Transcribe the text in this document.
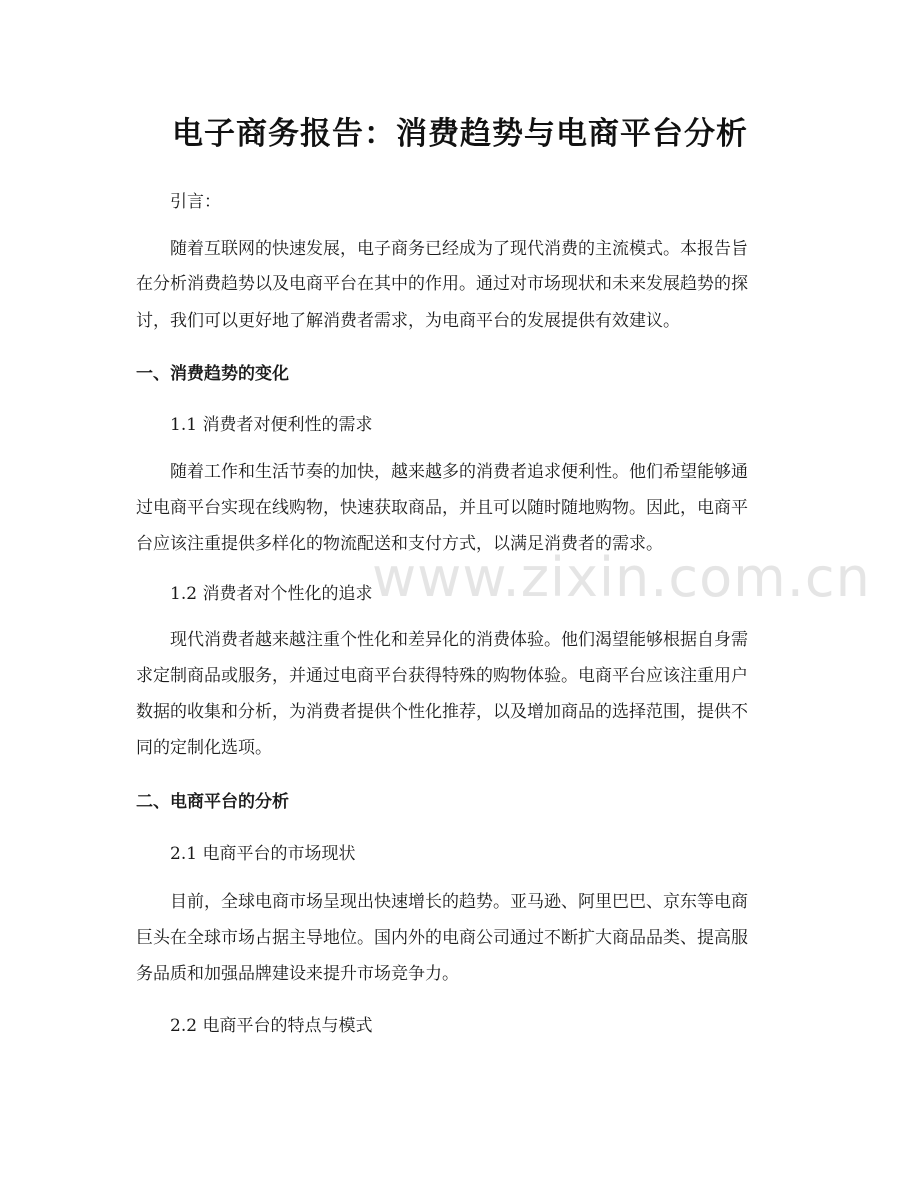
电子商务报告：消费趋势与电商平台分析
引言：
随着互联网的快速发展，电子商务已经成为了现代消费的主流模式。本报告旨
在分析消费趋势以及电商平台在其中的作用。通过对市场现状和未来发展趋势的探
讨，我们可以更好地了解消费者需求，为电商平台的发展提供有效建议。
一、消费趋势的变化
1.1 消费者对便利性的需求
随着工作和生活节奏的加快，越来越多的消费者追求便利性。他们希望能够通
过电商平台实现在线购物，快速获取商品，并且可以随时随地购物。因此，电商平
台应该注重提供多样化的物流配送和支付方式，以满足消费者的需求。
1.2 消费者对个性化的追求
现代消费者越来越注重个性化和差异化的消费体验。他们渴望能够根据自身需
求定制商品或服务，并通过电商平台获得特殊的购物体验。电商平台应该注重用户
数据的收集和分析，为消费者提供个性化推荐，以及增加商品的选择范围，提供不
同的定制化选项。
二、电商平台的分析
2.1 电商平台的市场现状
目前，全球电商市场呈现出快速增长的趋势。亚马逊、阿里巴巴、京东等电商
巨头在全球市场占据主导地位。国内外的电商公司通过不断扩大商品品类、提高服
务品质和加强品牌建设来提升市场竞争力。
2.2 电商平台的特点与模式
www.zixin.com.cn
